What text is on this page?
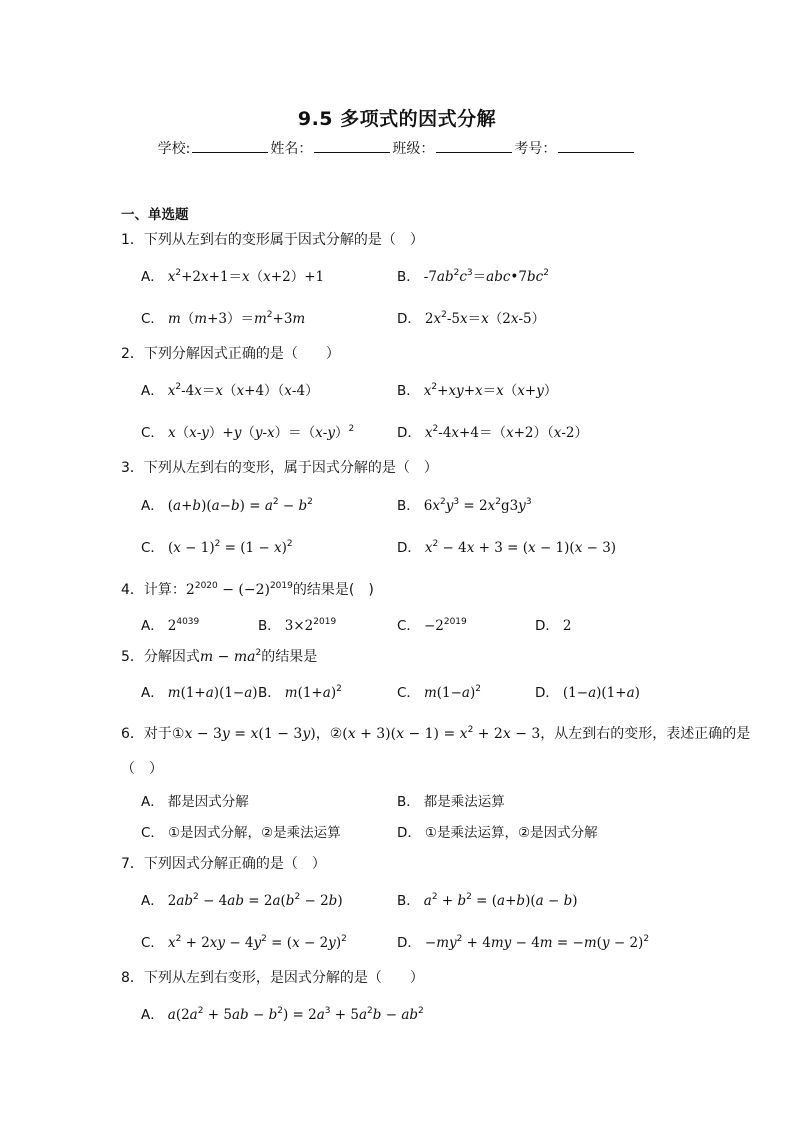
9.5 多项式的因式分解
学校:	姓名：	班级：	考号：
一、单选题
1．下列从左到右的变形属于因式分解的是（　）
A． $x^2+2x+1=x(x+2)+1$	B． $-7ab^2c^3=abc•7bc^2$
C． $m(m+3)=m^2+3m$	D． $2x^2-5x=x(2x-5)$
2．下列分解因式正确的是（　　）
A． $x^2-4x=x(x+4)(x-4)$	B． $x^2+xy+x=x(x+y)$
C． $x(x-y)+y(y-x)=(x-y)^2$	D． $x^2-4x+4=(x+2)(x-2)$
3．下列从左到右的变形，属于因式分解的是（　）
A． $(a+b)(a-b) = a^2 - b^2$	B． $6x^2y^3 = 2x^2g3y^3$
C． $(x - 1)^2 = (1 - x)^2$	D． $x^2 - 4x + 3 = (x - 1)(x - 3)$
4．计算：$2^{2020} - (-2)^{2019}$的结果是(　)
A． $2^{4039}$	B． $3\times 2^{2019}$	C． $-2^{2019}$	D． 2
5．分解因式$m - ma^2$的结果是
A． m(1+a)(1−a) B． $m(1+a)^2$	C． $m(1-a)^2$	D． (1−a)(1+a)
6．对于①x − 3y = x(1 − 3y)，②(x + $3)(x - 1) = x^2 + 2x - 3$，从左到右的变形，表述正确的是
（　）
A． 都是因式分解	B． 都是乘法运算
C． ①是因式分解，②是乘法运算	D． ①是乘法运算，②是因式分解
7．下列因式分解正确的是（　）
A． $2ab^2 - 4ab = 2a(b^2 - 2b)$	B． $a^2 + b^2 = (a+b)(a - b)$
C． $x^2 + 2xy - 4y^2 = (x - 2y)^2$	D． $-my^2 + 4my - 4m = -m(y - 2)^2$
8．下列从左到右变形，是因式分解的是（　　）
A． $a(2a^2 + 5ab - b^2) = 2a^3 + 5a^2b - ab^2$
